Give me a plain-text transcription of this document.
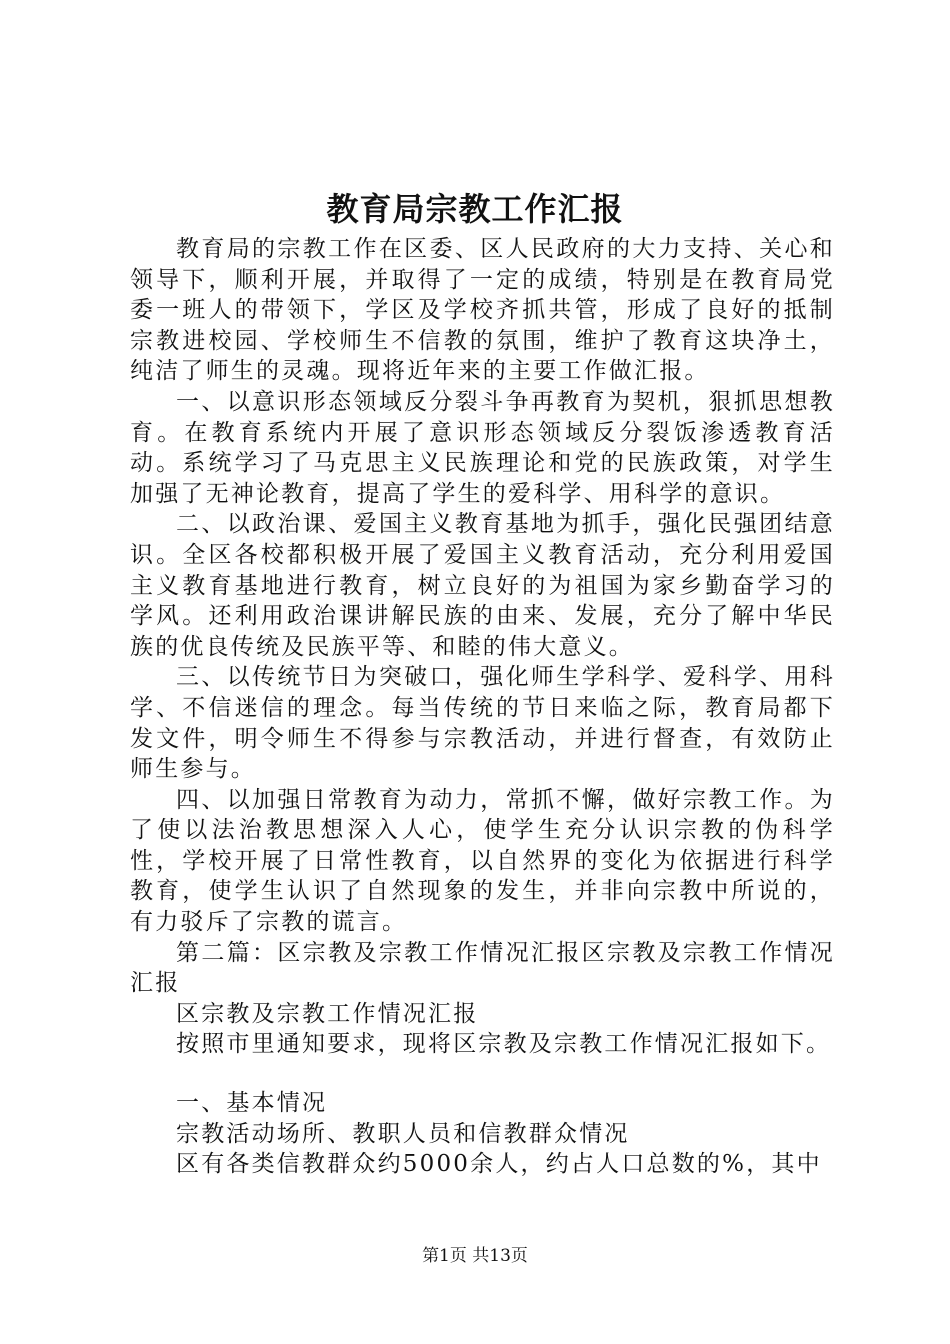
教育局宗教工作汇报

教育局的宗教工作在区委、区人民政府的大力支持、关心和领导下，顺利开展，并取得了一定的成绩，特别是在教育局党委一班人的带领下，学区及学校齐抓共管，形成了良好的抵制宗教进校园、学校师生不信教的氛围，维护了教育这块净土，纯洁了师生的灵魂。现将近年来的主要工作做汇报。

一、以意识形态领域反分裂斗争再教育为契机，狠抓思想教育。在教育系统内开展了意识形态领域反分裂饭渗透教育活动。系统学习了马克思主义民族理论和党的民族政策，对学生加强了无神论教育，提高了学生的爱科学、用科学的意识。

二、以政治课、爱国主义教育基地为抓手，强化民强团结意识。全区各校都积极开展了爱国主义教育活动，充分利用爱国主义教育基地进行教育，树立良好的为祖国为家乡勤奋学习的学风。还利用政治课讲解民族的由来、发展，充分了解中华民族的优良传统及民族平等、和睦的伟大意义。

三、以传统节日为突破口，强化师生学科学、爱科学、用科学、不信迷信的理念。每当传统的节日来临之际，教育局都下发文件，明令师生不得参与宗教活动，并进行督查，有效防止师生参与。

四、以加强日常教育为动力，常抓不懈，做好宗教工作。为了使以法治教思想深入人心，使学生充分认识宗教的伪科学性，学校开展了日常性教育，以自然界的变化为依据进行科学教育，使学生认识了自然现象的发生，并非向宗教中所说的，有力驳斥了宗教的谎言。

第二篇：区宗教及宗教工作情况汇报区宗教及宗教工作情况汇报

区宗教及宗教工作情况汇报

按照市里通知要求，现将区宗教及宗教工作情况汇报如下。

一、基本情况

宗教活动场所、教职人员和信教群众情况

区有各类信教群众约5000余人，约占人口总数的%，其中

第1页 共13页
